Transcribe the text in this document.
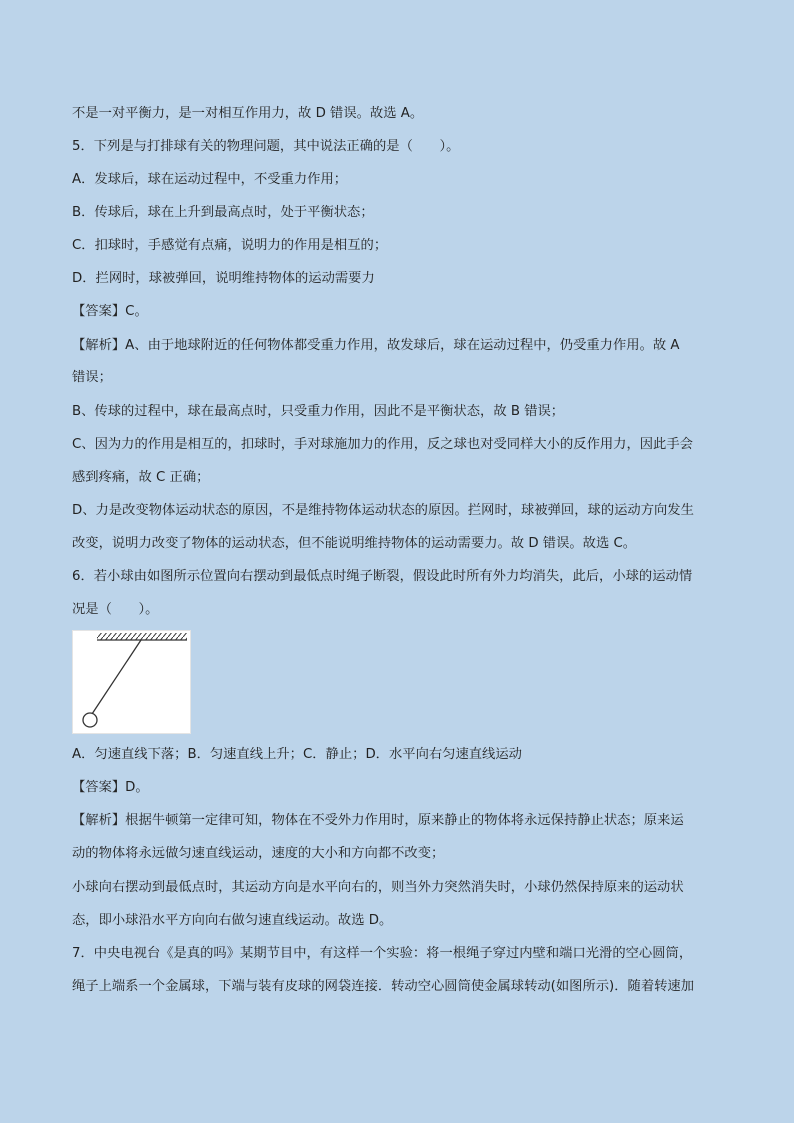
不是一对平衡力，是一对相互作用力，故 D 错误。故选 A。
5．下列是与打排球有关的物理问题，其中说法正确的是（　　）。
A．发球后，球在运动过程中，不受重力作用；
B．传球后，球在上升到最高点时，处于平衡状态；
C．扣球时，手感觉有点痛，说明力的作用是相互的；
D．拦网时，球被弹回，说明维持物体的运动需要力
【答案】C。
【解析】A、由于地球附近的任何物体都受重力作用，故发球后，球在运动过程中，仍受重力作用。故 A
错误；
B、传球的过程中，球在最高点时，只受重力作用，因此不是平衡状态，故 B 错误；
C、因为力的作用是相互的，扣球时，手对球施加力的作用，反之球也对受同样大小的反作用力，因此手会
感到疼痛，故 C 正确；
D、力是改变物体运动状态的原因，不是维持物体运动状态的原因。拦网时，球被弹回，球的运动方向发生
改变，说明力改变了物体的运动状态，但不能说明维持物体的运动需要力。故 D 错误。故选 C。
6．若小球由如图所示位置向右摆动到最低点时绳子断裂，假设此时所有外力均消失，此后，小球的运动情
况是（　　）。
A．匀速直线下落；B．匀速直线上升；C．静止；D．水平向右匀速直线运动
【答案】D。
【解析】根据牛顿第一定律可知，物体在不受外力作用时，原来静止的物体将永远保持静止状态；原来运
动的物体将永远做匀速直线运动，速度的大小和方向都不改变；
小球向右摆动到最低点时，其运动方向是水平向右的，则当外力突然消失时，小球仍然保持原来的运动状
态，即小球沿水平方向向右做匀速直线运动。故选 D。
7．中央电视台《是真的吗》某期节目中，有这样一个实验：将一根绳子穿过内壁和端口光滑的空心圆筒，
绳子上端系一个金属球，下端与装有皮球的网袋连接．转动空心圆筒使金属球转动(如图所示)．随着转速加
